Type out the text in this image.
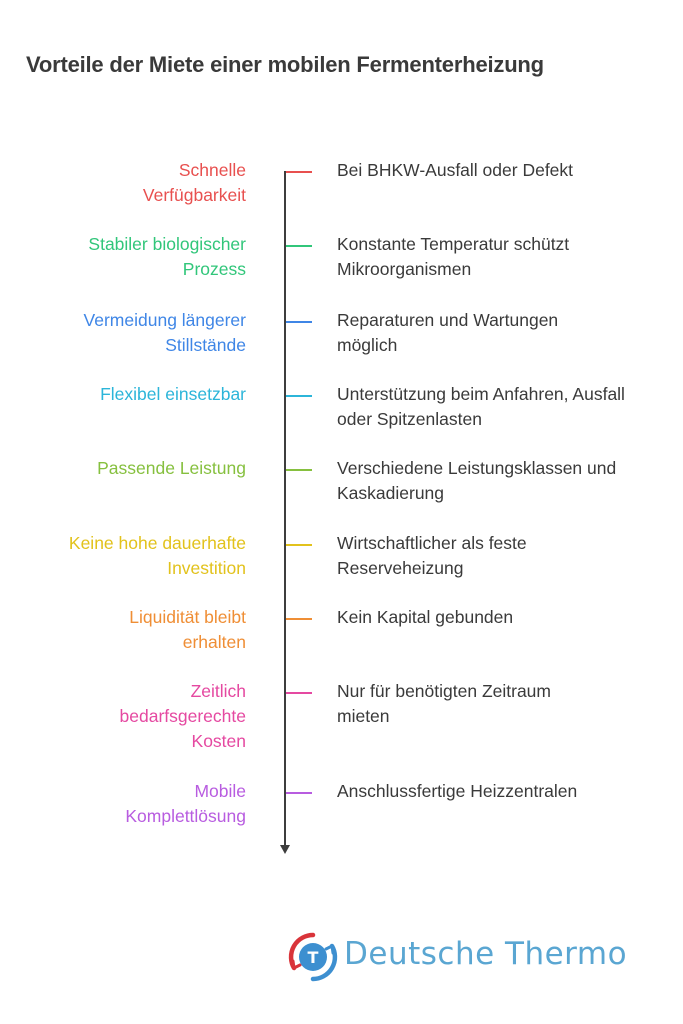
Vorteile der Miete einer mobilen Fermenterheizung
Schnelle Verfügbarkeit
Bei BHKW-Ausfall oder Defekt
Stabiler biologischer Prozess
Konstante Temperatur schützt Mikroorganismen
Vermeidung längerer Stillstände
Reparaturen und Wartungen möglich
Flexibel einsetzbar	Unterstützung beim Anfahren, Ausfall oder Spitzenlasten
Passende Leistung	Verschiedene Leistungsklassen und Kaskadierung
Keine hohe dauerhafte Investition
Wirtschaftlicher als feste Reserveheizung
Liquidität bleibt erhalten
Kein Kapital gebunden
Zeitlich bedarfsgerechte Kosten
Nur für benötigten Zeitraum mieten
Mobile Komplettlösung
Anschlussfertige Heizzentralen
T Deutsche Thermo
